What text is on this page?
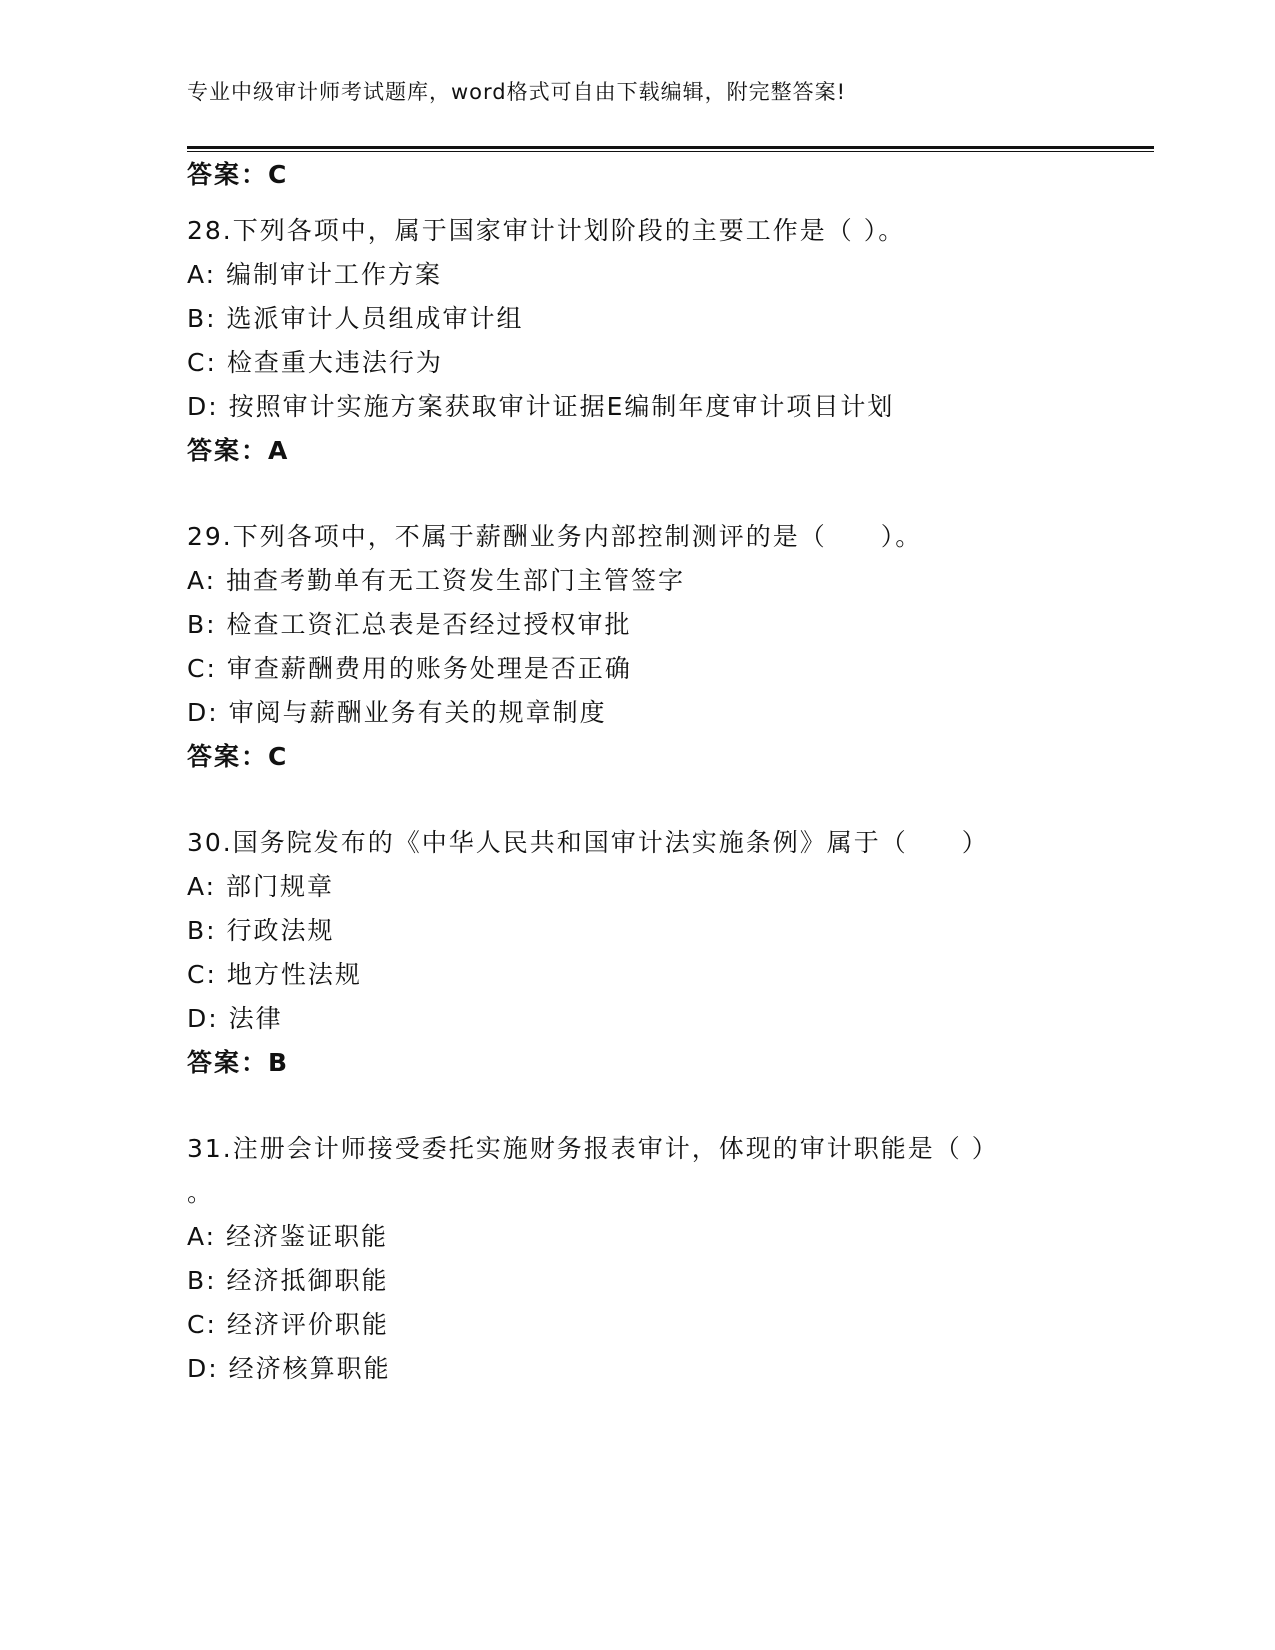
专业中级审计师考试题库，word格式可自由下载编辑，附完整答案!
答案：C
28.下列各项中，属于国家审计计划阶段的主要工作是（ ）。
A: 编制审计工作方案
B: 选派审计人员组成审计组
C: 检查重大违法行为
D: 按照审计实施方案获取审计证据E编制年度审计项目计划
答案：A
29.下列各项中，不属于薪酬业务内部控制测评的是（　　）。
A: 抽查考勤单有无工资发生部门主管签字
B: 检查工资汇总表是否经过授权审批
C: 审查薪酬费用的账务处理是否正确
D: 审阅与薪酬业务有关的规章制度
答案：C
30.国务院发布的《中华人民共和国审计法实施条例》属于（　　）
A: 部门规章
B: 行政法规
C: 地方性法规
D: 法律
答案：B
31.注册会计师接受委托实施财务报表审计，体现的审计职能是（ ）
。
A: 经济鉴证职能
B: 经济抵御职能
C: 经济评价职能
D: 经济核算职能
